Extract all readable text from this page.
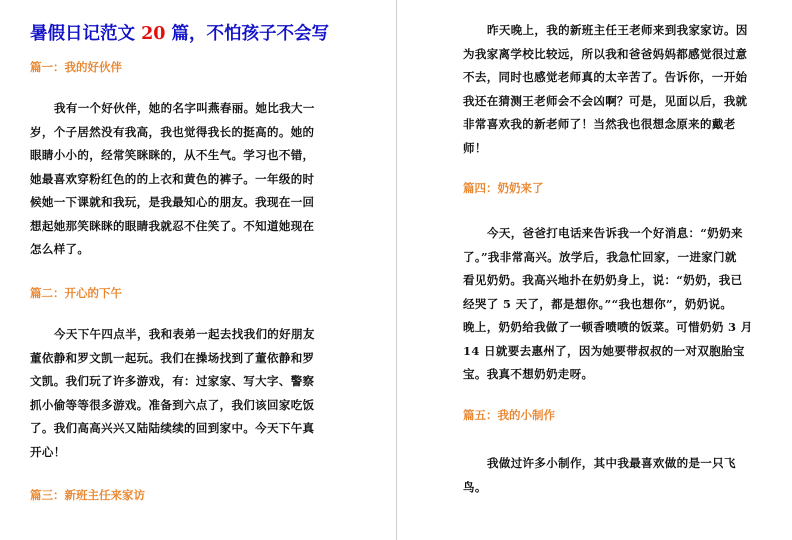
暑假日记范文 20 篇，不怕孩子不会写
篇一：我的好伙伴
我有一个好伙伴，她的名字叫燕春丽。她比我大一
岁，个子居然没有我高，我也觉得我长的挺高的。她的
眼睛小小的，经常笑眯眯的，从不生气。学习也不错，
她最喜欢穿粉红色的的上衣和黄色的裤子。一年级的时
候她一下课就和我玩，是我最知心的朋友。我现在一回
想起她那笑眯眯的眼睛我就忍不住笑了。不知道她现在
怎么样了。
篇二：开心的下午
今天下午四点半，我和表弟一起去找我们的好朋友
董依静和罗文凯一起玩。我们在操场找到了董依静和罗
文凯。我们玩了许多游戏，有：过家家、写大字、警察
抓小偷等等很多游戏。准备到六点了，我们该回家吃饭
了。我们高高兴兴又陆陆续续的回到家中。今天下午真
开心！
篇三：新班主任来家访
昨天晚上，我的新班主任王老师来到我家家访。因
为我家离学校比较远，所以我和爸爸妈妈都感觉很过意
不去，同时也感觉老师真的太辛苦了。告诉你，一开始
我还在猜测王老师会不会凶啊？可是，见面以后，我就
非常喜欢我的新老师了！当然我也很想念原来的戴老
师！
篇四：奶奶来了
今天，爸爸打电话来告诉我一个好消息：“奶奶来
了。”我非常高兴。放学后，我急忙回家，一进家门就
看见奶奶。我高兴地扑在奶奶身上，说：“奶奶，我已
经哭了 5 天了，都是想你。”“我也想你”，奶奶说。
晚上，奶奶给我做了一顿香喷喷的饭菜。可惜奶奶 3 月
14 日就要去惠州了，因为她要带叔叔的一对双胞胎宝
宝。我真不想奶奶走呀。
篇五：我的小制作
我做过许多小制作，其中我最喜欢做的是一只飞
鸟。
